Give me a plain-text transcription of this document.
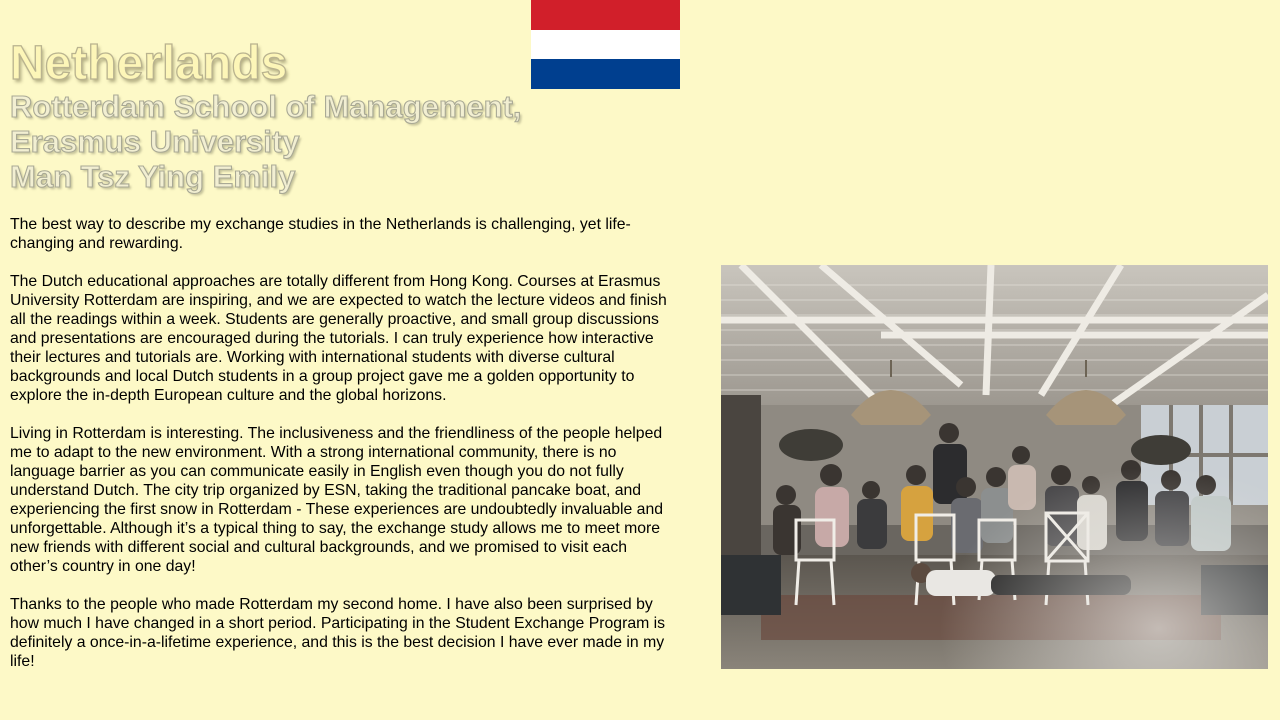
Netherlands
Rotterdam School of Management,
Erasmus University
Man Tsz Ying Emily

The best way to describe my exchange studies in the Netherlands is challenging, yet life-changing and rewarding.

The Dutch educational approaches are totally different from Hong Kong. Courses at Erasmus University Rotterdam are inspiring, and we are expected to watch the lecture videos and finish all the readings within a week. Students are generally proactive, and small group discussions and presentations are encouraged during the tutorials. I can truly experience how interactive their lectures and tutorials are. Working with international students with diverse cultural backgrounds and local Dutch students in a group project gave me a golden opportunity to explore the in-depth European culture and the global horizons.

Living in Rotterdam is interesting. The inclusiveness and the friendliness of the people helped me to adapt to the new environment. With a strong international community, there is no language barrier as you can communicate easily in English even though you do not fully understand Dutch. The city trip organized by ESN, taking the traditional pancake boat, and experiencing the first snow in Rotterdam - These experiences are undoubtedly invaluable and unforgettable. Although it’s a typical thing to say, the exchange study allows me to meet more new friends with different social and cultural backgrounds, and we promised to visit each other’s country in one day!

Thanks to the people who made Rotterdam my second home. I have also been surprised by how much I have changed in a short period. Participating in the Student Exchange Program is definitely a once-in-a-lifetime experience, and this is the best decision I have ever made in my life!
